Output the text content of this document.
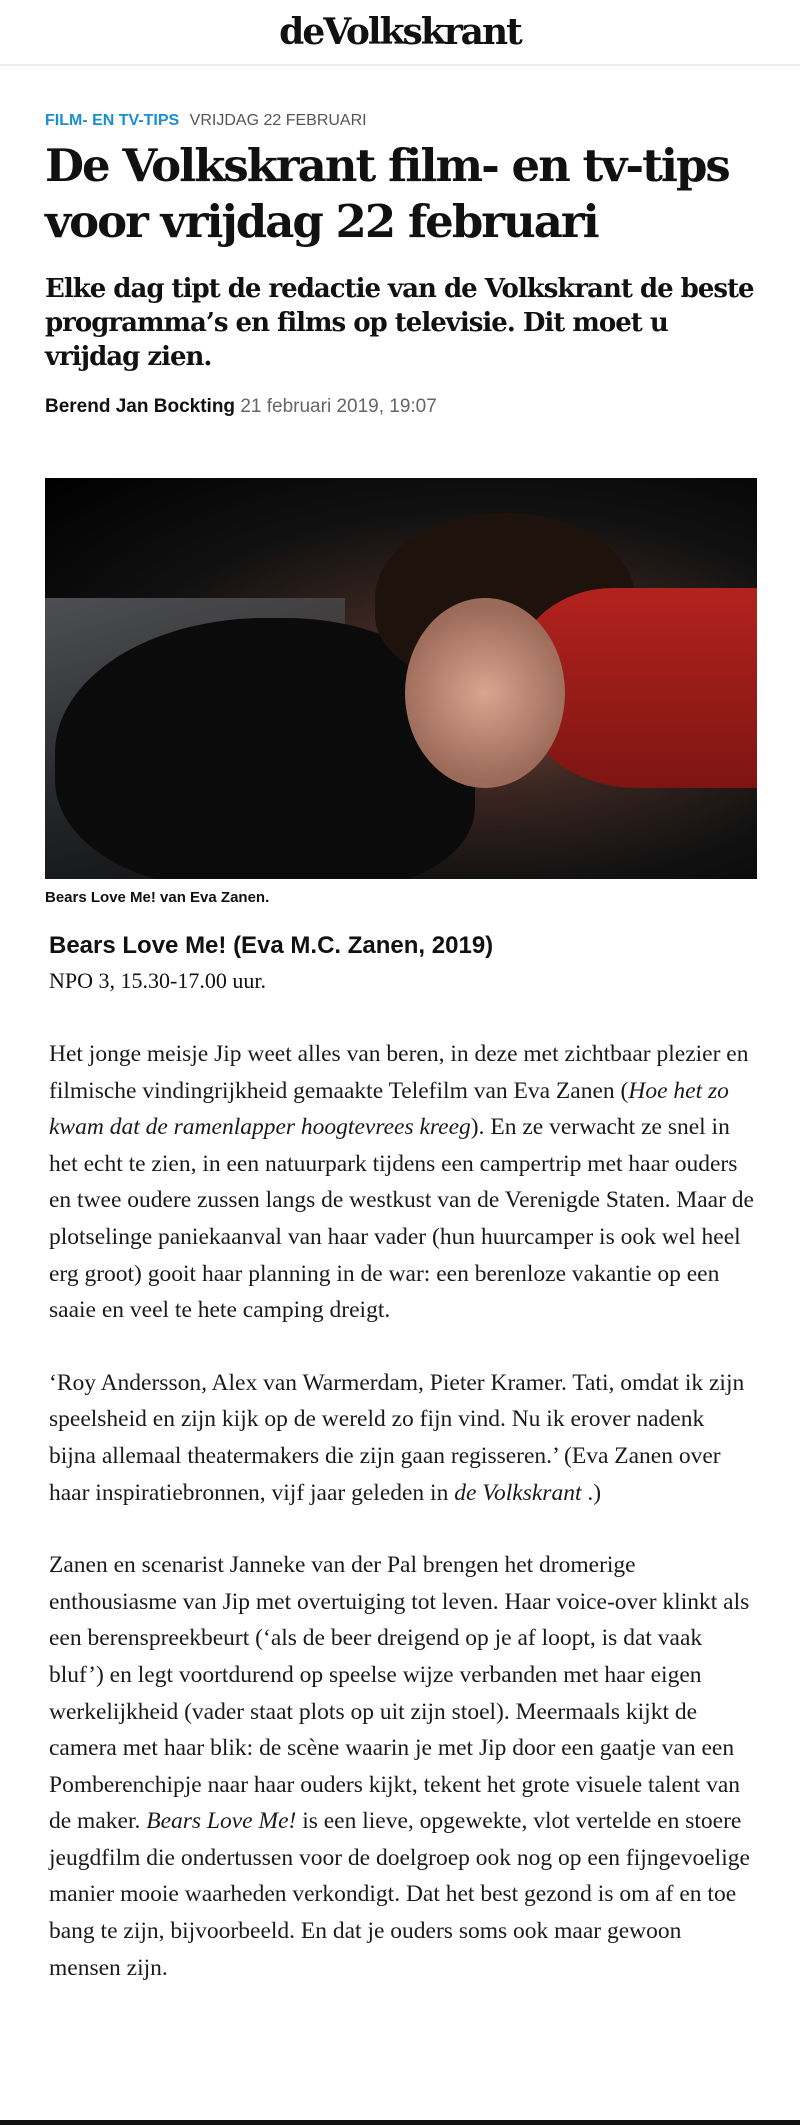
deVolkskrant
FILM- EN TV-TIPS VRIJDAG 22 FEBRUARI
De Volkskrant film- en tv-tips voor vrijdag 22 februari

Elke dag tipt de redactie van de Volkskrant de beste programma’s en films op televisie. Dit moet u vrijdag zien.

Berend Jan Bockting 21 februari 2019, 19:07

Bears Love Me! van Eva Zanen.

Bears Love Me! (Eva M.C. Zanen, 2019)

NPO 3, 15.30-17.00 uur.

Het jonge meisje Jip weet alles van beren, in deze met zichtbaar plezier en filmische vindingrijkheid gemaakte Telefilm van Eva Zanen (Hoe het zo kwam dat de ramenlapper hoogtevrees kreeg). En ze verwacht ze snel in het echt te zien, in een natuurpark tijdens een campertrip met haar ouders en twee oudere zussen langs de westkust van de Verenigde Staten. Maar de plotselinge paniekaanval van haar vader (hun huurcamper is ook wel heel erg groot) gooit haar planning in de war: een berenloze vakantie op een saaie en veel te hete camping dreigt.

‘Roy Andersson, Alex van Warmerdam, Pieter Kramer. Tati, omdat ik zijn speelsheid en zijn kijk op de wereld zo fijn vind. Nu ik erover nadenk bijna allemaal theatermakers die zijn gaan regisseren.’ (Eva Zanen over haar inspiratiebronnen, vijf jaar geleden in de Volkskrant .)

Zanen en scenarist Janneke van der Pal brengen het dromerige enthousiasme van Jip met overtuiging tot leven. Haar voice-over klinkt als een berenspreekbeurt (‘als de beer dreigend op je af loopt, is dat vaak bluf’) en legt voortdurend op speelse wijze verbanden met haar eigen werkelijkheid (vader staat plots op uit zijn stoel). Meermaals kijkt de camera met haar blik: de scène waarin je met Jip door een gaatje van een Pomberenchipje naar haar ouders kijkt, tekent het grote visuele talent van de maker. Bears Love Me! is een lieve, opgewekte, vlot vertelde en stoere jeugdfilm die ondertussen voor de doelgroep ook nog op een fijngevoelige manier mooie waarheden verkondigt. Dat het best gezond is om af en toe bang te zijn, bijvoorbeeld. En dat je ouders soms ook maar gewoon mensen zijn.
